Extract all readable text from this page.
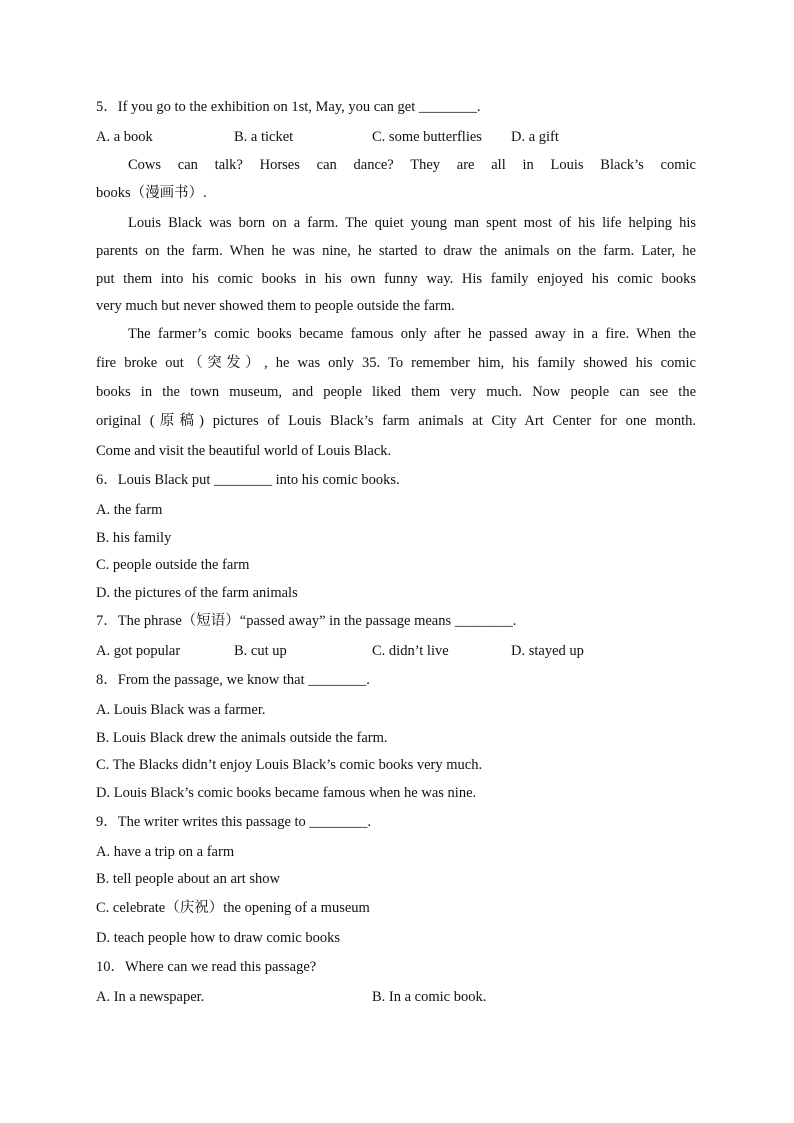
5．If you go to the exhibition on 1st, May, you can get ________.
A. a book	B. a ticket	C. some butterflies D. a gift
Cows can talk? Horses can dance? They are all in Louis Black’s comic
books（漫画书）.
Louis Black was born on a farm. The quiet young man spent most of his life helping his
parents on the farm. When he was nine, he started to draw the animals on the farm. Later, he
put them into his comic books in his own funny way. His family enjoyed his comic books
very much but never showed them to people outside the farm.
The farmer’s comic books became famous only after he passed away in a fire. When the
fire broke out（突发）, he was only 35. To remember him, his family showed his comic
books in the town museum, and people liked them very much. Now people can see the
original (原稿) pictures of Louis Black’s farm animals at City Art Center for one month.
Come and visit the beautiful world of Louis Black.
6．Louis Black put ________ into his comic books.
A. the farm
B. his family
C. people outside the farm
D. the pictures of the farm animals
7．The phrase（短语）“passed away” in the passage means ________.
A. got popular	B. cut up	C. didn’t live	D. stayed up
8．From the passage, we know that ________.
A. Louis Black was a farmer.
B. Louis Black drew the animals outside the farm.
C. The Blacks didn’t enjoy Louis Black’s comic books very much.
D. Louis Black’s comic books became famous when he was nine.
9．The writer writes this passage to ________.
A. have a trip on a farm
B. tell people about an art show
C. celebrate（庆祝）the opening of a museum
D. teach people how to draw comic books
10．Where can we read this passage?
A. In a newspaper.	B. In a comic book.
